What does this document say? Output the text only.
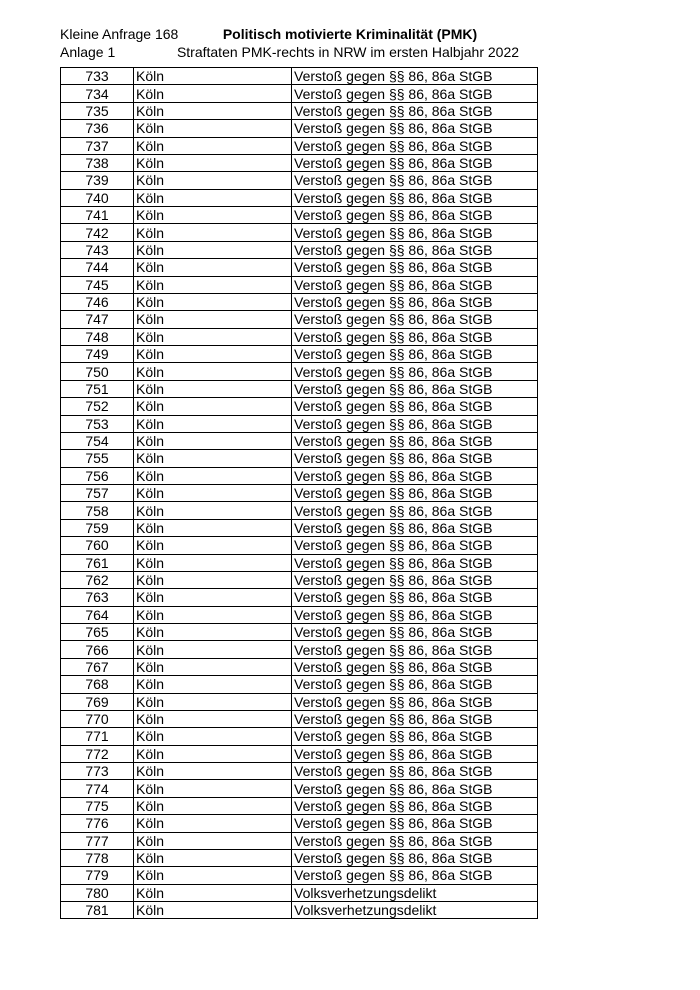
Kleine Anfrage 168
Anlage 1
Politisch motivierte Kriminalität (PMK)
Straftaten PMK-rechts in NRW im ersten Halbjahr 2022
733	Köln	Verstoß gegen §§ 86, 86a StGB
734	Köln	Verstoß gegen §§ 86, 86a StGB
735	Köln	Verstoß gegen §§ 86, 86a StGB
736	Köln	Verstoß gegen §§ 86, 86a StGB
737	Köln	Verstoß gegen §§ 86, 86a StGB
738	Köln	Verstoß gegen §§ 86, 86a StGB
739	Köln	Verstoß gegen §§ 86, 86a StGB
740	Köln	Verstoß gegen §§ 86, 86a StGB
741	Köln	Verstoß gegen §§ 86, 86a StGB
742	Köln	Verstoß gegen §§ 86, 86a StGB
743	Köln	Verstoß gegen §§ 86, 86a StGB
744	Köln	Verstoß gegen §§ 86, 86a StGB
745	Köln	Verstoß gegen §§ 86, 86a StGB
746	Köln	Verstoß gegen §§ 86, 86a StGB
747	Köln	Verstoß gegen §§ 86, 86a StGB
748	Köln	Verstoß gegen §§ 86, 86a StGB
749	Köln	Verstoß gegen §§ 86, 86a StGB
750	Köln	Verstoß gegen §§ 86, 86a StGB
751	Köln	Verstoß gegen §§ 86, 86a StGB
752	Köln	Verstoß gegen §§ 86, 86a StGB
753	Köln	Verstoß gegen §§ 86, 86a StGB
754	Köln	Verstoß gegen §§ 86, 86a StGB
755	Köln	Verstoß gegen §§ 86, 86a StGB
756	Köln	Verstoß gegen §§ 86, 86a StGB
757	Köln	Verstoß gegen §§ 86, 86a StGB
758	Köln	Verstoß gegen §§ 86, 86a StGB
759	Köln	Verstoß gegen §§ 86, 86a StGB
760	Köln	Verstoß gegen §§ 86, 86a StGB
761	Köln	Verstoß gegen §§ 86, 86a StGB
762	Köln	Verstoß gegen §§ 86, 86a StGB
763	Köln	Verstoß gegen §§ 86, 86a StGB
764	Köln	Verstoß gegen §§ 86, 86a StGB
765	Köln	Verstoß gegen §§ 86, 86a StGB
766	Köln	Verstoß gegen §§ 86, 86a StGB
767	Köln	Verstoß gegen §§ 86, 86a StGB
768	Köln	Verstoß gegen §§ 86, 86a StGB
769	Köln	Verstoß gegen §§ 86, 86a StGB
770	Köln	Verstoß gegen §§ 86, 86a StGB
771	Köln	Verstoß gegen §§ 86, 86a StGB
772	Köln	Verstoß gegen §§ 86, 86a StGB
773	Köln	Verstoß gegen §§ 86, 86a StGB
774	Köln	Verstoß gegen §§ 86, 86a StGB
775	Köln	Verstoß gegen §§ 86, 86a StGB
776	Köln	Verstoß gegen §§ 86, 86a StGB
777	Köln	Verstoß gegen §§ 86, 86a StGB
778	Köln	Verstoß gegen §§ 86, 86a StGB
779	Köln	Verstoß gegen §§ 86, 86a StGB
780	Köln	Volksverhetzungsdelikt
781	Köln	Volksverhetzungsdelikt
